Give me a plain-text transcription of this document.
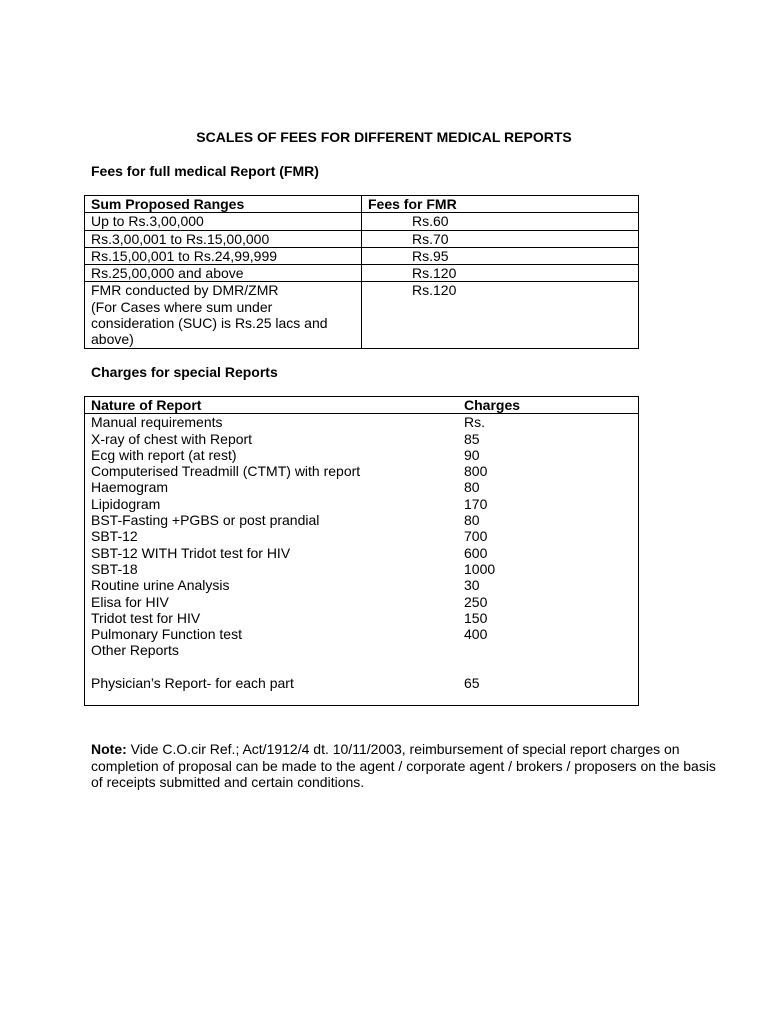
SCALES OF FEES FOR DIFFERENT MEDICAL REPORTS
Fees for full medical Report (FMR)
Sum Proposed Ranges	Fees for FMR
Up to Rs.3,00,000	Rs.60
Rs.3,00,001 to Rs.15,00,000	Rs.70
Rs.15,00,001 to Rs.24,99,999	Rs.95
Rs.25,00,000 and above	Rs.120

FMR conducted by DMR/ZMR
(For Cases where sum under consideration (SUC) is Rs.25 lacs and above)	Rs.120
Charges for special Reports
Nature of Report	Charges
Manual requirements	Rs.
X-ray of chest with Report	85
Ecg with report (at rest)	90
Computerised Treadmill (CTMT) with report	800
Haemogram	80
Lipidogram	170
BST-Fasting +PGBS or post prandial	80
SBT-12	700
SBT-12 WITH Tridot test for HIV	600
SBT-18	1000
Routine urine Analysis	30
Elisa for HIV	250
Tridot test for HIV	150
Pulmonary Function test	400
Other Reports	

Physician’s Report- for each part	65

Note: Vide C.O.cir Ref.; Act/1912/4 dt. 10/11/2003, reimbursement of special report charges on completion of proposal can be made to the agent / corporate agent / brokers / proposers on the basis of receipts submitted and certain conditions.
